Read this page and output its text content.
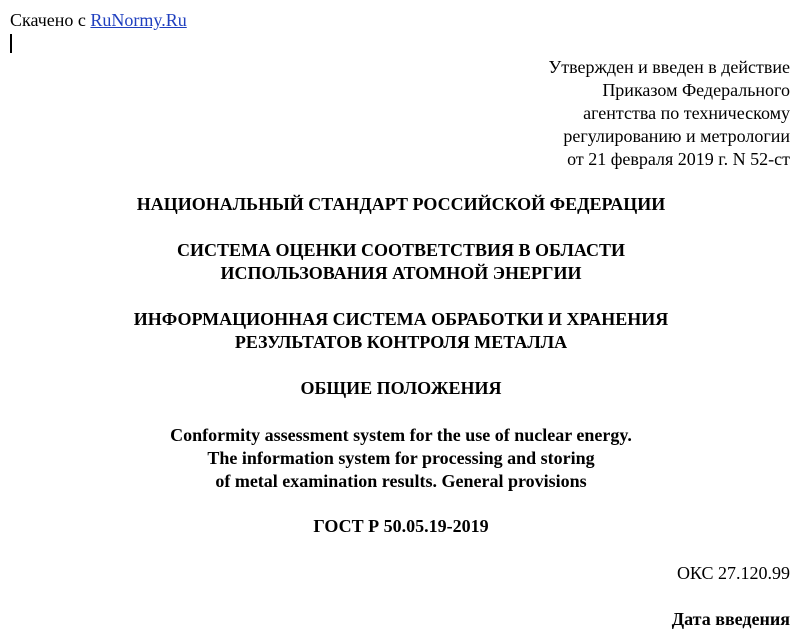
Скачено с RuNormy.Ru
Утвержден и введен в действие
Приказом Федерального
агентства по техническому
регулированию и метрологии
от 21 февраля 2019 г. N 52-ст
НАЦИОНАЛЬНЫЙ СТАНДАРТ РОССИЙСКОЙ ФЕДЕРАЦИИ
СИСТЕМА ОЦЕНКИ СООТВЕТСТВИЯ В ОБЛАСТИ
ИСПОЛЬЗОВАНИЯ АТОМНОЙ ЭНЕРГИИ
ИНФОРМАЦИОННАЯ СИСТЕМА ОБРАБОТКИ И ХРАНЕНИЯ
РЕЗУЛЬТАТОВ КОНТРОЛЯ МЕТАЛЛА
ОБЩИЕ ПОЛОЖЕНИЯ
Conformity assessment system for the use of nuclear energy.
The information system for processing and storing
of metal examination results. General provisions
ГОСТ Р 50.05.19-2019
ОКС 27.120.99
Дата введения
